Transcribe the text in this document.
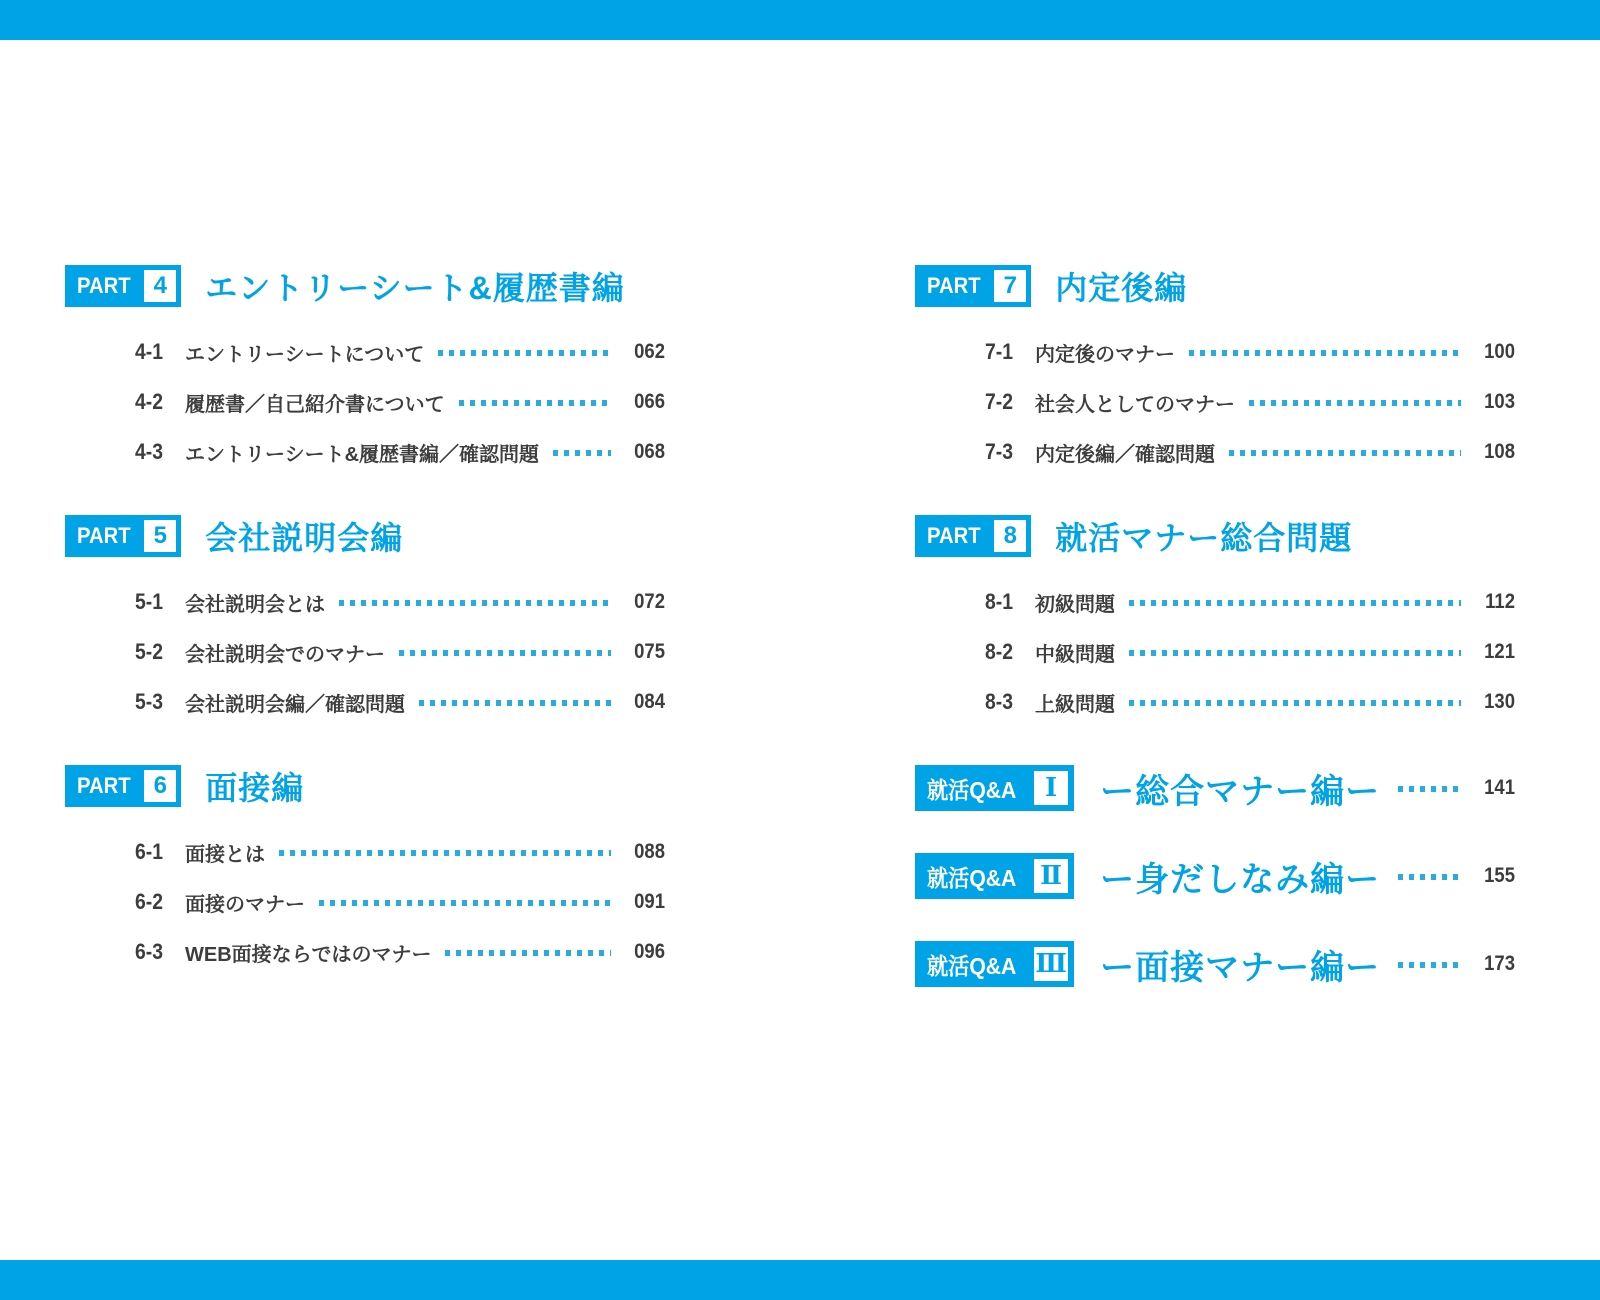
PART 4 エントリーシート&履歴書編
4-1	エントリーシートについて	062
4-2	履歴書／自己紹介書について	066
4-3	エントリーシート&履歴書編／確認問題	068
PART 5 会社説明会編
5-1	会社説明会とは	072
5-2	会社説明会でのマナー	075
5-3	会社説明会編／確認問題	084
PART 6 面接編
6-1	面接とは	088
6-2	面接のマナー	091
6-3	WEB面接ならではのマナー	096
PART 7 内定後編
7-1	内定後のマナー	100
7-2	社会人としてのマナー	103
7-3	内定後編／確認問題	108
PART 8 就活マナー総合問題
8-1	初級問題	112
8-2	中級問題	121
8-3	上級問題	130
就活Q&A	Ⅰ	ー総合マナー編ー	141
就活Q&A Ⅱ ー身だしなみ編ー	155
就活Q&A Ⅲ ー面接マナー編ー	173
